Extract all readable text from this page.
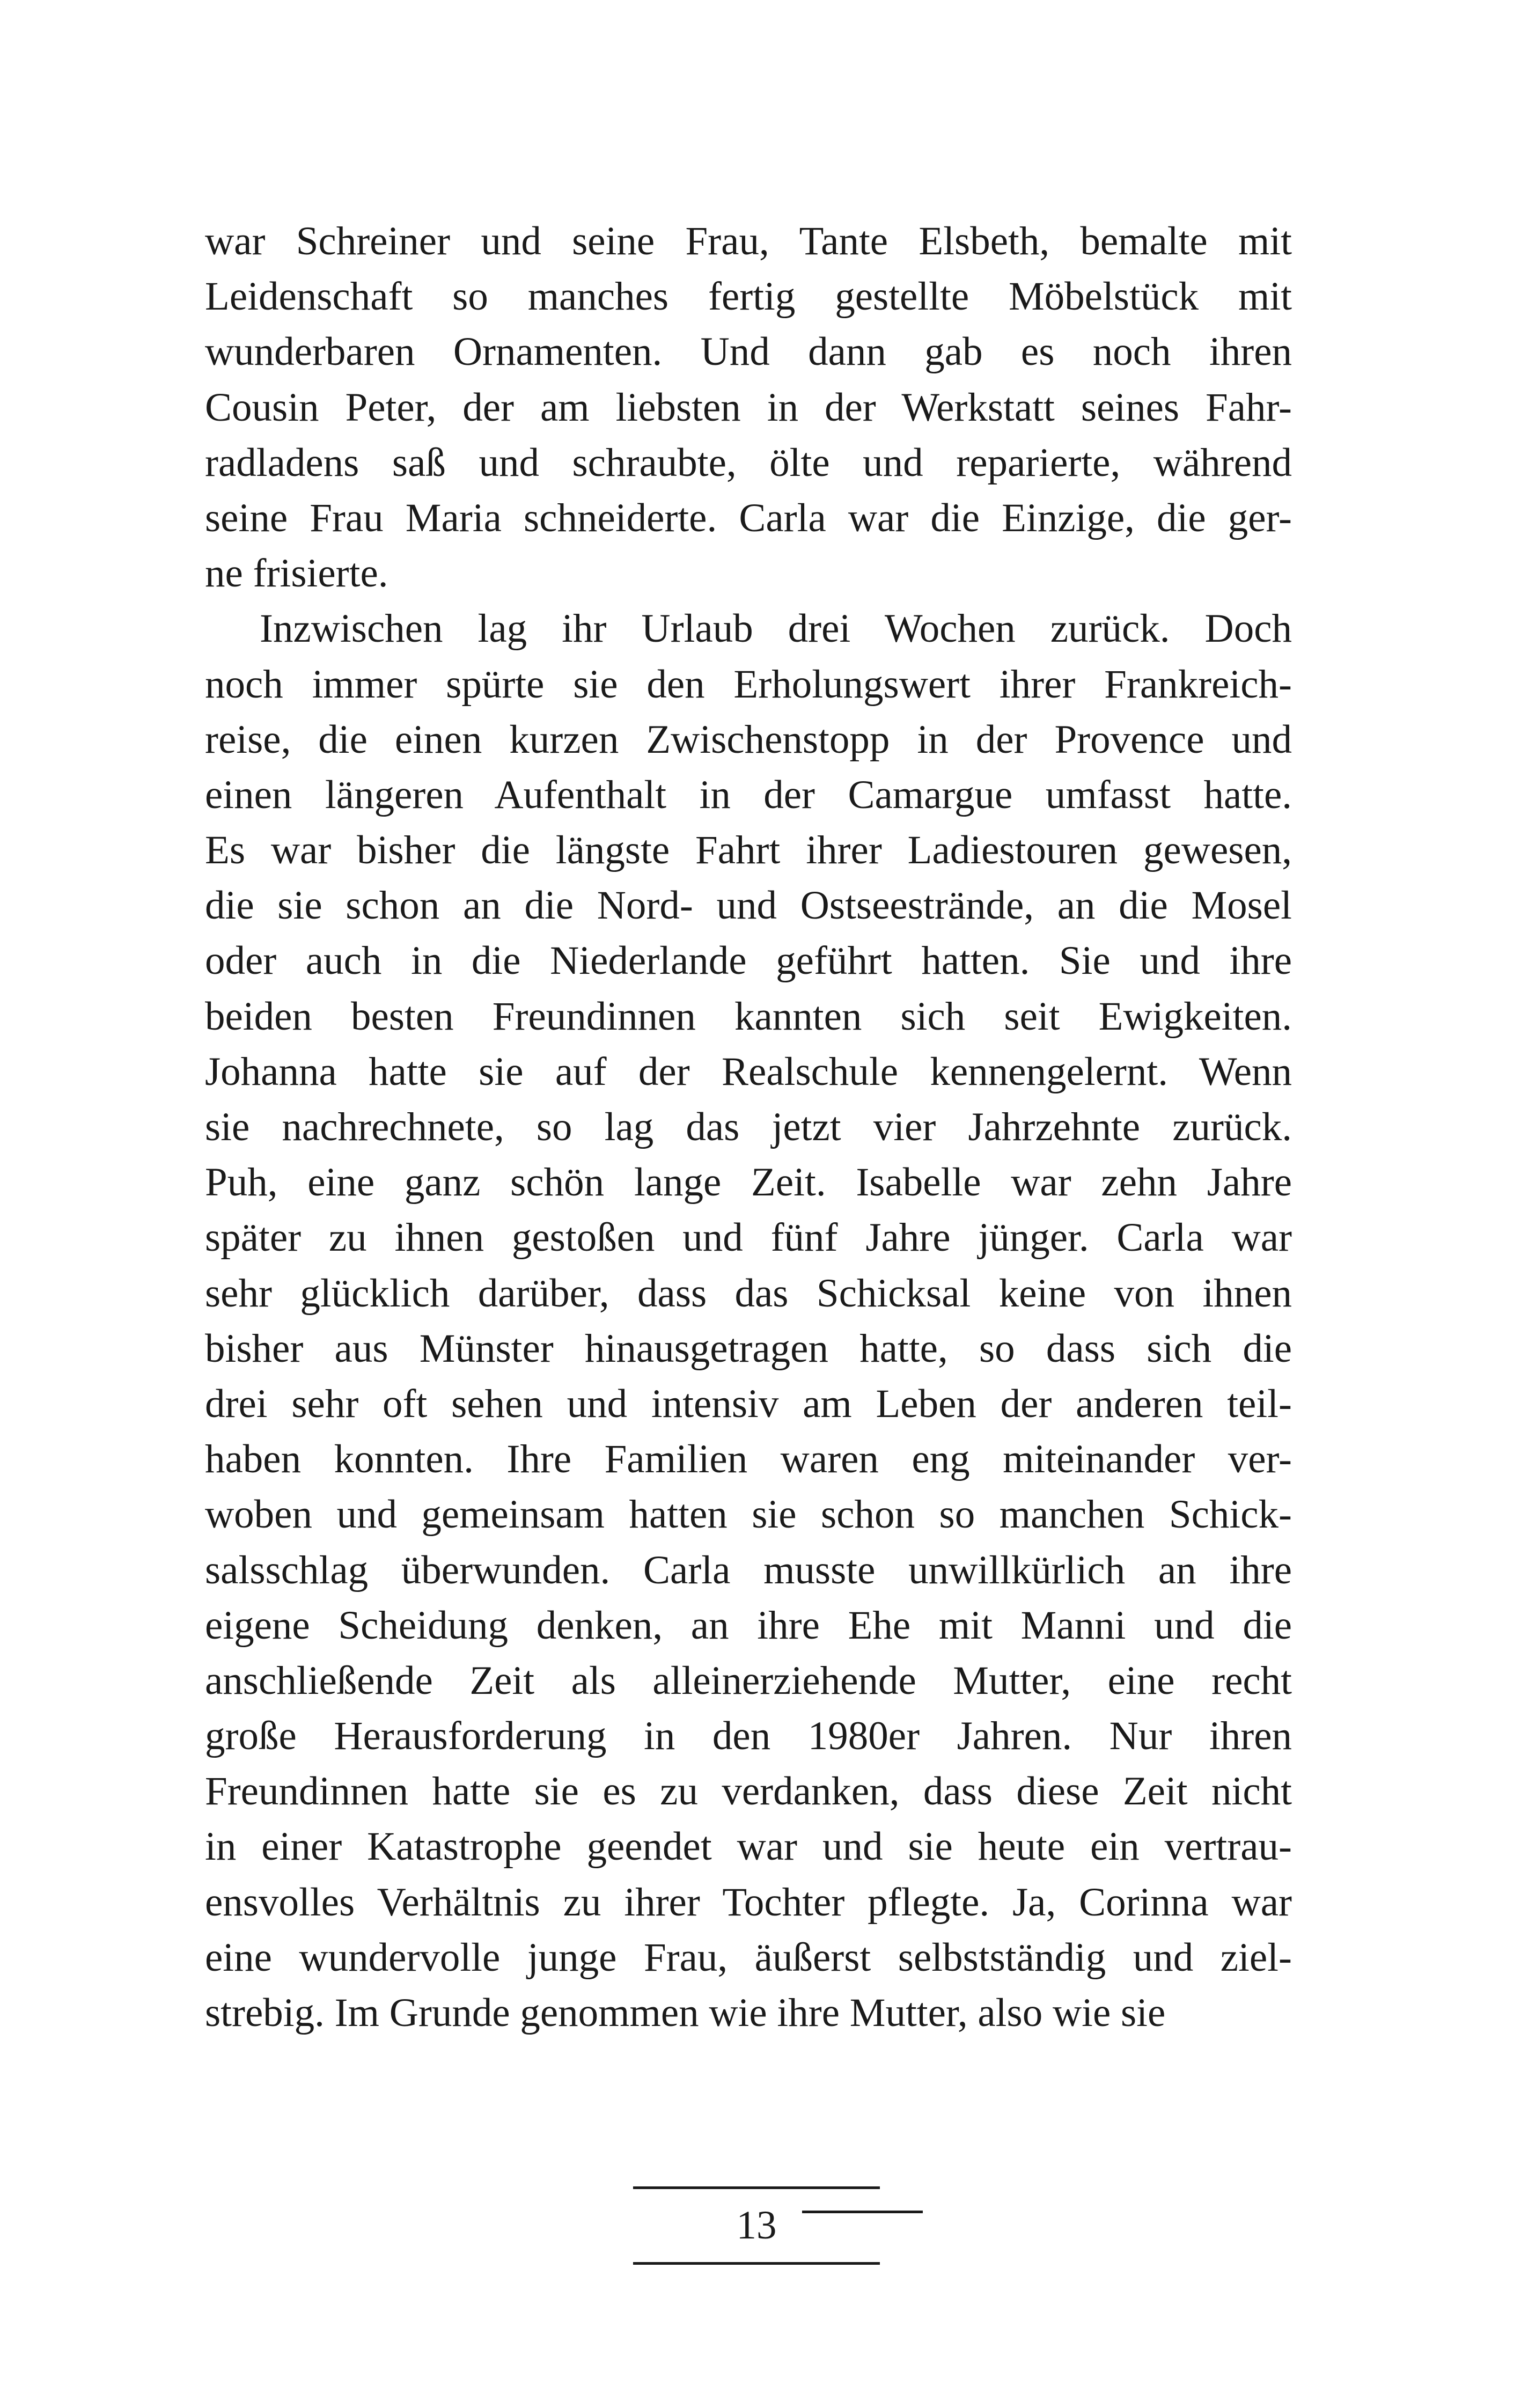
war Schreiner und seine Frau, Tante Elsbeth, bemalte mit
Leidenschaft so manches fertig gestellte Möbelstück mit
wunderbaren Ornamenten. Und dann gab es noch ihren
Cousin Peter, der am liebsten in der Werkstatt seines Fahr-
radladens saß und schraubte, ölte und reparierte, während
seine Frau Maria schneiderte. Carla war die Einzige, die ger-
ne frisierte.
Inzwischen lag ihr Urlaub drei Wochen zurück. Doch
noch immer spürte sie den Erholungswert ihrer Frankreich-
reise, die einen kurzen Zwischenstopp in der Provence und
einen längeren Aufenthalt in der Camargue umfasst hatte.
Es war bisher die längste Fahrt ihrer Ladiestouren gewesen,
die sie schon an die Nord- und Ostseestrände, an die Mosel
oder auch in die Niederlande geführt hatten. Sie und ihre
beiden besten Freundinnen kannten sich seit Ewigkeiten.
Johanna hatte sie auf der Realschule kennengelernt. Wenn
sie nachrechnete, so lag das jetzt vier Jahrzehnte zurück.
Puh, eine ganz schön lange Zeit. Isabelle war zehn Jahre
später zu ihnen gestoßen und fünf Jahre jünger. Carla war
sehr glücklich darüber, dass das Schicksal keine von ihnen
bisher aus Münster hinausgetragen hatte, so dass sich die
drei sehr oft sehen und intensiv am Leben der anderen teil-
haben konnten. Ihre Familien waren eng miteinander ver-
woben und gemeinsam hatten sie schon so manchen Schick-
salsschlag überwunden. Carla musste unwillkürlich an ihre
eigene Scheidung denken, an ihre Ehe mit Manni und die
anschließende Zeit als alleinerziehende Mutter, eine recht
große Herausforderung in den 1980er Jahren. Nur ihren
Freundinnen hatte sie es zu verdanken, dass diese Zeit nicht
in einer Katastrophe geendet war und sie heute ein vertrau-
ensvolles Verhältnis zu ihrer Tochter pflegte. Ja, Corinna war
eine wundervolle junge Frau, äußerst selbstständig und ziel-
strebig. Im Grunde genommen wie ihre Mutter, also wie sie
13
